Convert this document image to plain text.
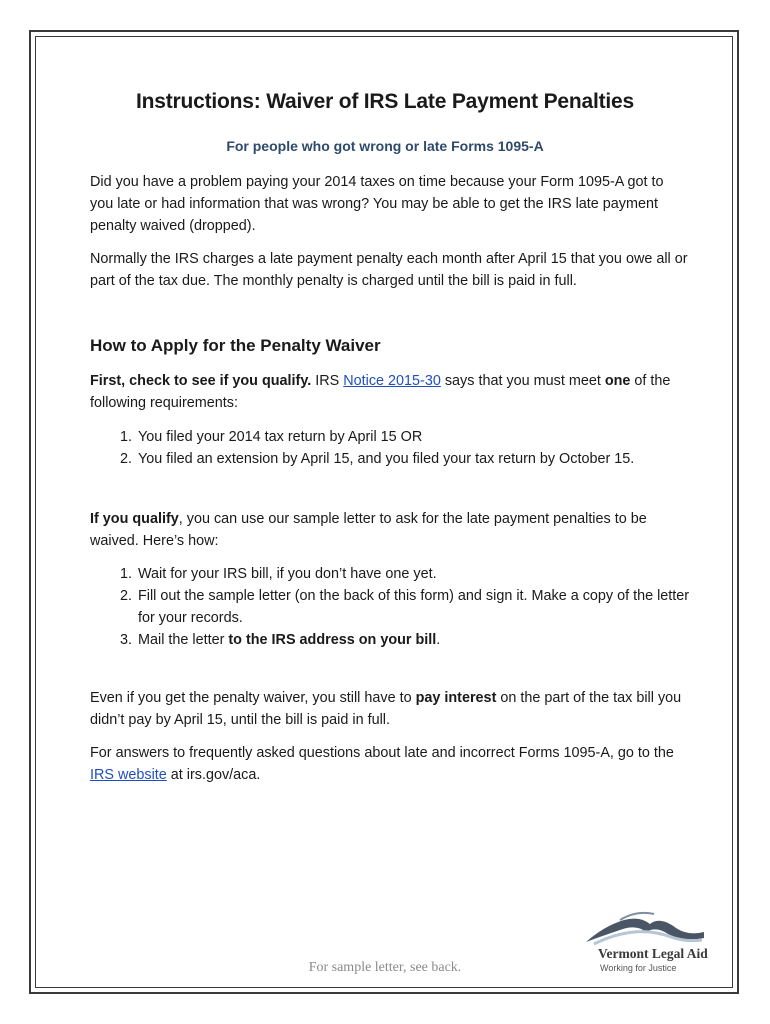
Instructions: Waiver of IRS Late Payment Penalties
For people who got wrong or late Forms 1095-A

Did you have a problem paying your 2014 taxes on time because your Form 1095-A got to you late or had information that was wrong? You may be able to get the IRS late payment penalty waived (dropped).

Normally the IRS charges a late payment penalty each month after April 15 that you owe all or part of the tax due. The monthly penalty is charged until the bill is paid in full.

How to Apply for the Penalty Waiver

First, check to see if you qualify. IRS Notice 2015-30 says that you must meet one of the following requirements:

1. You filed your 2014 tax return by April 15 OR
2. You filed an extension by April 15, and you filed your tax return by October 15.

If you qualify, you can use our sample letter to ask for the late payment penalties to be waived. Here’s how:

1. Wait for your IRS bill, if you don’t have one yet.
2. Fill out the sample letter (on the back of this form) and sign it. Make a copy of the letter for your records.
3. Mail the letter to the IRS address on your bill.

Even if you get the penalty waiver, you still have to pay interest on the part of the tax bill you didn’t pay by April 15, until the bill is paid in full.

For answers to frequently asked questions about late and incorrect Forms 1095-A, go to the IRS website at irs.gov/aca.

For sample letter, see back.
Vermont Legal Aid
Working for Justice
